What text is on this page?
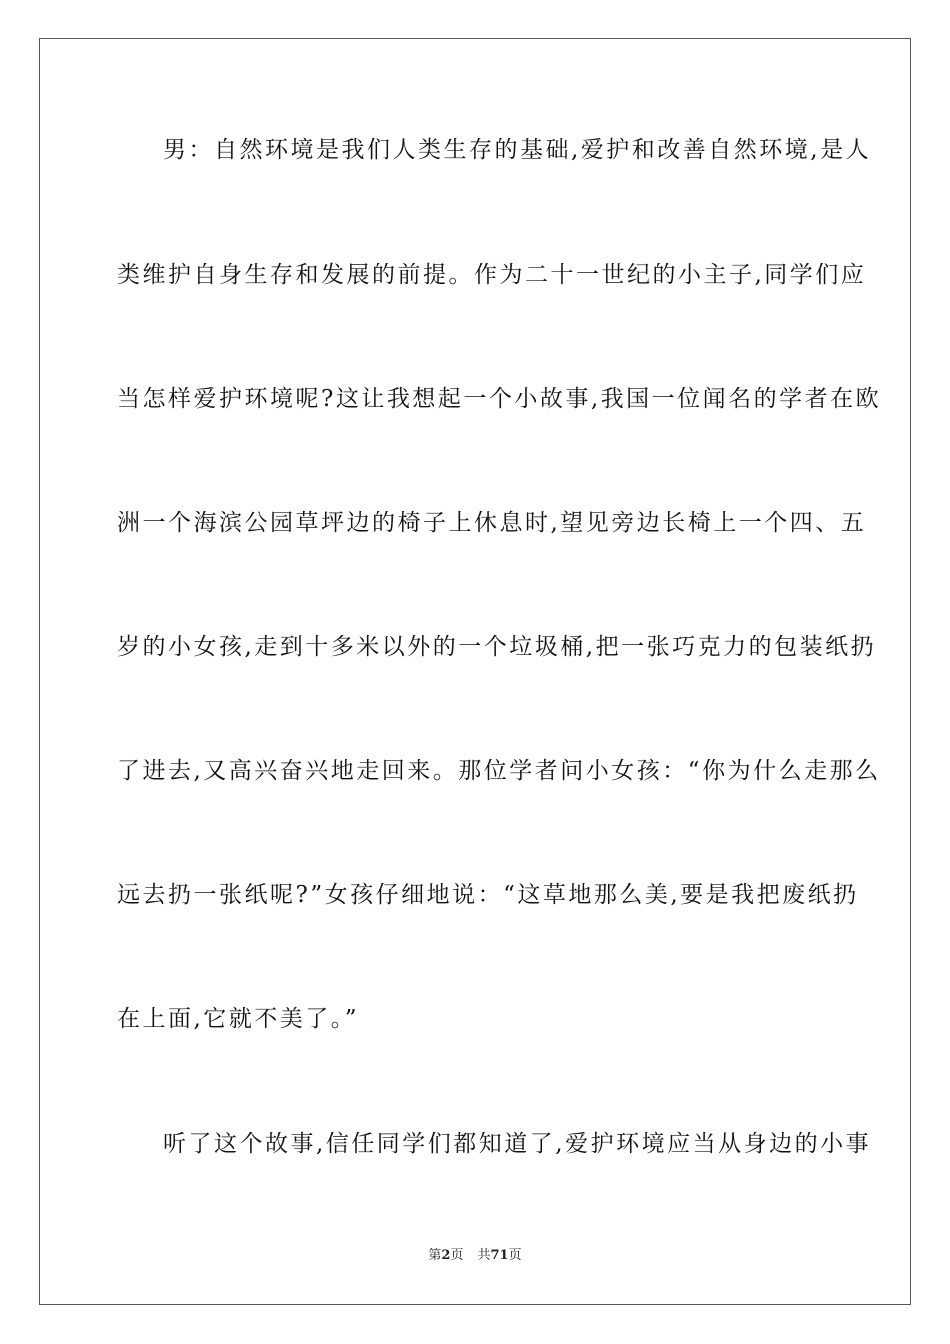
男：自然环境是我们人类生存的基础,爱护和改善自然环境,是人
类维护自身生存和发展的前提。作为二十一世纪的小主子,同学们应
当怎样爱护环境呢?这让我想起一个小故事,我国一位闻名的学者在欧
洲一个海滨公园草坪边的椅子上休息时,望见旁边长椅上一个四、五
岁的小女孩,走到十多米以外的一个垃圾桶,把一张巧克力的包装纸扔
了进去,又高兴奋兴地走回来。那位学者问小女孩：“你为什么走那么
远去扔一张纸呢?”女孩仔细地说：“这草地那么美,要是我把废纸扔
在上面,它就不美了。”
听了这个故事,信任同学们都知道了,爱护环境应当从身边的小事
第2页 共71页
